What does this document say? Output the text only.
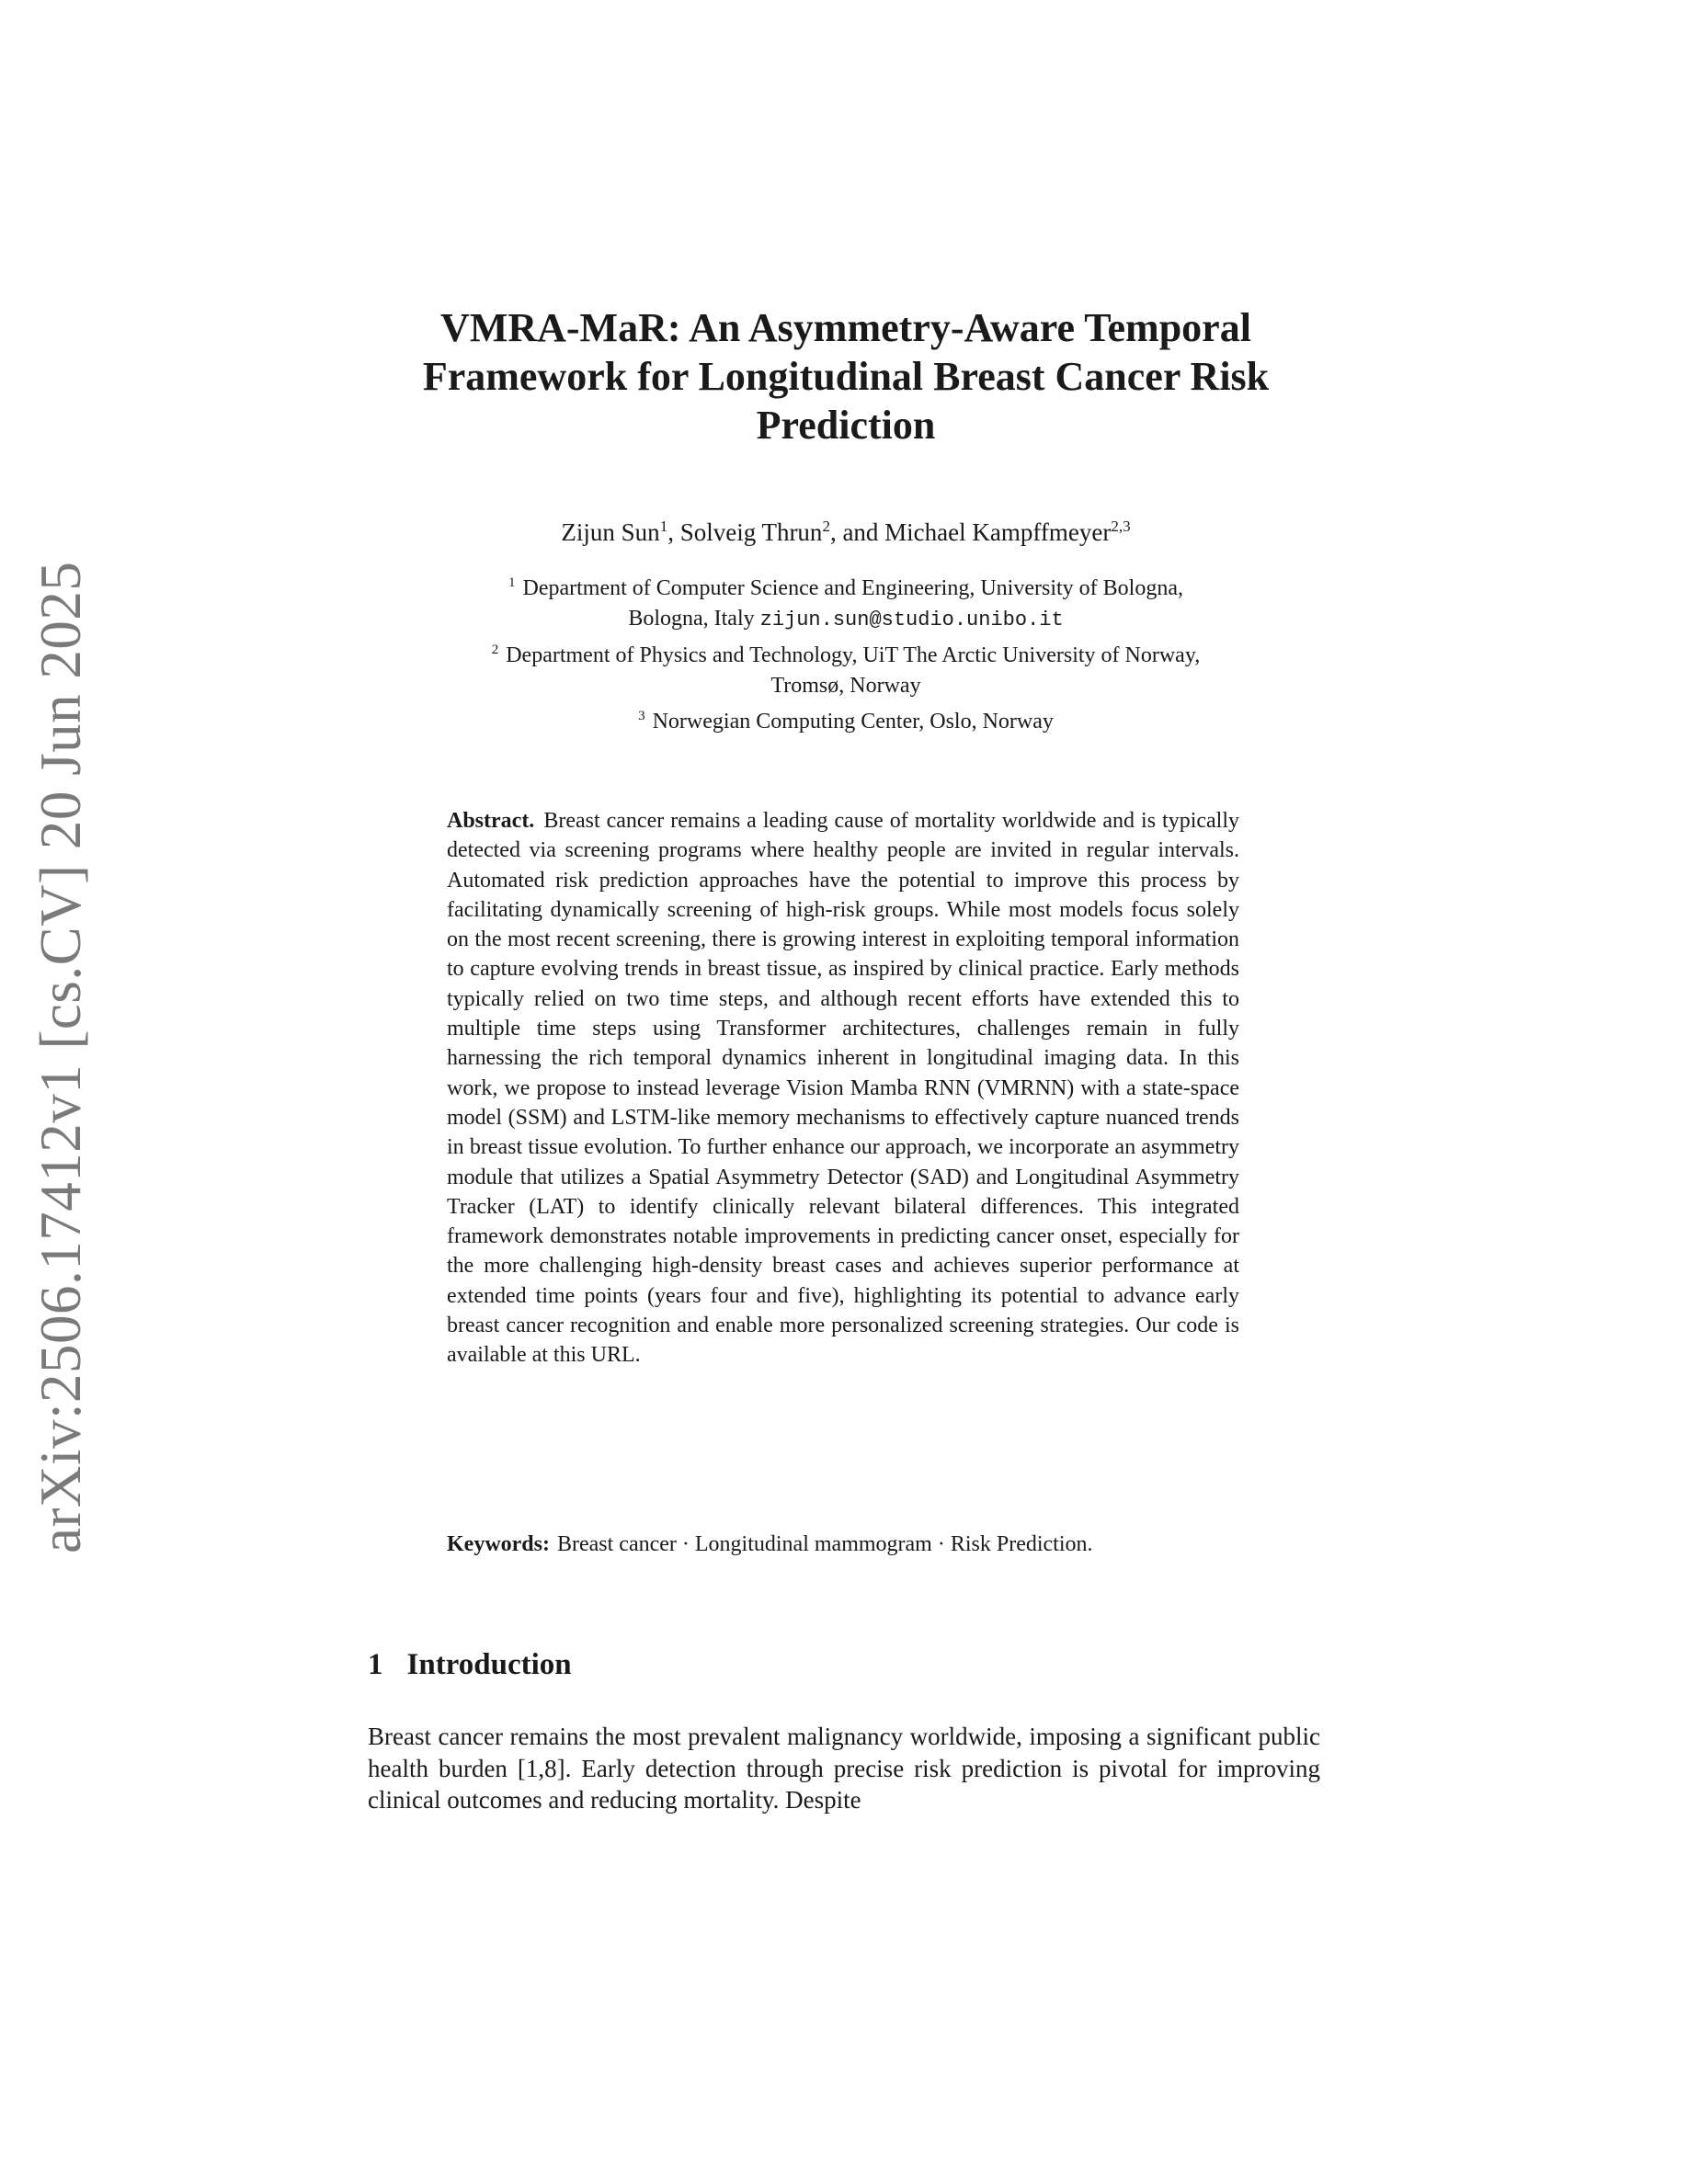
arXiv:2506.17412v1 [cs.CV] 20 Jun 2025
VMRA-MaR: An Asymmetry-Aware Temporal
Framework for Longitudinal Breast Cancer Risk
Prediction
Zijun Sun$^1$, Solveig Thrun$^2$, and Michael Kampffmeyer$^{2,3}$
$^1$ Department of Computer Science and Engineering, University of Bologna,
Bologna, Italy zijun.sun@studio.unibo.it
$^2$ Department of Physics and Technology, UiT The Arctic University of Norway,
Tromsø, Norway
$^3$ Norwegian Computing Center, Oslo, Norway
Abstract. Breast cancer remains a leading cause of mortality worldwide and is typically detected via screening programs where healthy people are invited in regular intervals. Automated risk prediction approaches have the potential to improve this process by facilitating dynamically screening of high-risk groups. While most models focus solely on the most recent screening, there is growing interest in exploiting temporal information to capture evolving trends in breast tissue, as inspired by clinical practice. Early methods typically relied on two time steps, and although recent efforts have extended this to multiple time steps using Transformer architectures, challenges remain in fully harnessing the rich temporal dynamics inherent in longitudinal imaging data. In this work, we propose to instead leverage Vision Mamba RNN (VMRNN) with a state-space model (SSM) and LSTM-like memory mechanisms to effectively capture nuanced trends in breast tissue evolution. To further enhance our approach, we incorporate an asymmetry module that utilizes a Spatial Asymmetry Detector (SAD) and Longitudinal Asymmetry Tracker (LAT) to identify clinically relevant bilateral differences. This integrated framework demonstrates notable improvements in predicting cancer onset, especially for the more challenging high-density breast cases and achieves superior performance at extended time points (years four and five), highlighting its potential to advance early breast cancer recognition and enable more personalized screening strategies. Our code is available at this URL.
Keywords: Breast cancer · Longitudinal mammogram · Risk Prediction.
1 Introduction
Breast cancer remains the most prevalent malignancy worldwide, imposing a significant public health burden [1,8]. Early detection through precise risk prediction is pivotal for improving clinical outcomes and reducing mortality. Despite
